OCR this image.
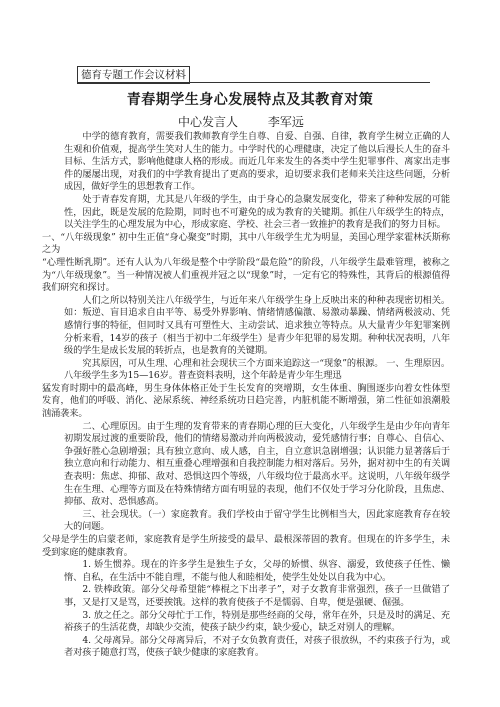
德育专题工作会议材料
青春期学生身心发展特点及其教育对策
中心发言人 李军远

中学的德育教育，需要我们教师教育学生自尊、自爱、自强、自律，教育学生树立正确的人生观和价值观，提高学生笑对人生的能力。中学时代的心理健康，决定了他以后漫长人生的奋斗目标、生活方式，影响他健康人格的形成。而近几年来发生的各类中学生犯罪事件、离家出走事件的屡屡出现，对我们的中学教育提出了更高的要求，迫切要求我们老师来关注这些问题，分析成因，做好学生的思想教育工作。

处于青春发育期，尤其是八年级的学生，由于身心的急聚发展变化，带来了种种发展的可能性，因此，既是发展的危险期，同时也不可避免的成为教育的关键期。抓住八年级学生的特点，以关注学生的心理发展为中心，形成家庭、学校、社会三者一致推护的教育是我们的努力目标。

一、“八年级现象” 初中生正值“身心聚变”时期，其中八年级学生尤为明显，美国心理学家霍林沃斯称之为

“心理性断乳期”。还有人认为八年级是整个中学阶段“最危险”的阶段，八年级学生最难管理，被称之为“八年级现象”。当一种情况被人们重视并冠之以“现象”时，一定有它的特殊性，其背后的根源值得我们研究和探讨。

人们之所以特别关注八年级学生，与近年来八年级学生身上反映出来的种种表现密切相关。如：叛逆、盲目追求自由平等、易受外界影响、情绪情感偏激、易激动暴躁、情绪两极波动、凭感情行事的特征，但同时又具有可塑性大、主动尝试、追求独立等特点。从大量青少年犯罪案例分析来看，14岁的孩子（相当于初中二年级学生）是青少年犯罪的易发期。种种状况表明，八年级的学生是成长发展的转折点，也是教育的关键期。

究其原因，可从生理、心理和社会现状三个方面来追踪这一“现象”的根源。 一、生理原因。八年级学生多为15—16岁。普查资料表明，这个年龄是青少年生理迅

猛发育时期中的最高峰，男生身体体格正处于生长发育的突增期，女生体重、胸围逐步向着女性体型发育，他们的呼吸、消化、泌尿系统、神经系统功日趋完善，内脏机能不断增强，第二性征如浪潮般汹涌袭来。

二、心理原因。由于生理的发育带来的青春期心理的巨大变化，八年级学生是由少年向青年初期发展过渡的重要阶段，他们的情绪易激动并向两极波动，爱凭感情行事；自尊心、自信心、争强好胜心急剧增强；具有独立意向、成人感，自主，自立意识急剧增强；认识能力显著落后于独立意向和行动能力、相互重叠心理增强和自我控制能力相对落后。另外，据对初中生的有关调查表明：焦虑、抑郁、敌对、恐惧这四个等级，八年级均位于最高水平。这说明，八年级年级学生在生理、心理等方面及在特殊情绪方面有明显的表现，他们不仅处于学习分化阶段，且焦虑、抑郁、敌对、恐惧感高。

三、社会现状。（一）家庭教育。我们学校由于留守学生比例相当大，因此家庭教育存在较大的问题。

父母是学生的启蒙老师，家庭教育是学生所接受的最早、最根深蒂固的教育。但现在的许多学生，未受到家庭的健康教育。

1. 娇生惯养。现在的许多学生是独生子女，父母的娇惯、纵容、溺爱，致使孩子任性、懒惰、自私，在生活中不能自理，不能与他人和睦相处，使学生处处以自我为中心。

2. 铁棒政策。部分父母希望能“棒棍之下出孝子”，对子女教育非常强烈，孩子一旦做错了事，又是打又是骂，还要挨饿。这样的教育使孩子不是懦弱、自卑，便是强硬、倔强。

3. 放之任之。部分父母忙于工作，特别是那些经商的父母，常年在外，只是及时的满足、充裕孩子的生活花费，却缺少交流，使孩子缺少约束，缺少爱心，缺乏对别人的理解。

4. 父母离异。部分父母离异后，不对子女负教育责任，对孩子很放纵，不约束孩子行为，或者对孩子随意打骂，使孩子缺少健康的家庭教育。
